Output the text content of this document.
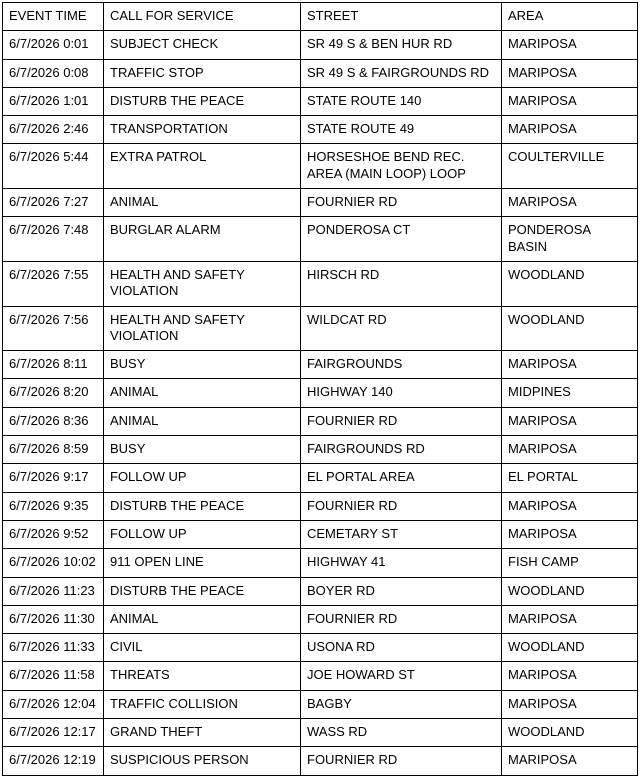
EVENT TIME	CALL FOR SERVICE	STREET	AREA
6/7/2026 0:01	SUBJECT CHECK	SR 49 S & BEN HUR RD	MARIPOSA
6/7/2026 0:08	TRAFFIC STOP	SR 49 S & FAIRGROUNDS RD	MARIPOSA
6/7/2026 1:01	DISTURB THE PEACE	STATE ROUTE 140	MARIPOSA
6/7/2026 2:46	TRANSPORTATION	STATE ROUTE 49	MARIPOSA
6/7/2026 5:44	EXTRA PATROL	HORSESHOE BEND REC. AREA (MAIN LOOP) LOOP	COULTERVILLE
6/7/2026 7:27	ANIMAL	FOURNIER RD	MARIPOSA
6/7/2026 7:48	BURGLAR ALARM	PONDEROSA CT	PONDEROSA BASIN
6/7/2026 7:55	HEALTH AND SAFETY VIOLATION	HIRSCH RD	WOODLAND
6/7/2026 7:56	HEALTH AND SAFETY VIOLATION	WILDCAT RD	WOODLAND
6/7/2026 8:11	BUSY	FAIRGROUNDS	MARIPOSA
6/7/2026 8:20	ANIMAL	HIGHWAY 140	MIDPINES
6/7/2026 8:36	ANIMAL	FOURNIER RD	MARIPOSA
6/7/2026 8:59	BUSY	FAIRGROUNDS RD	MARIPOSA
6/7/2026 9:17	FOLLOW UP	EL PORTAL AREA	EL PORTAL
6/7/2026 9:35	DISTURB THE PEACE	FOURNIER RD	MARIPOSA
6/7/2026 9:52	FOLLOW UP	CEMETARY ST	MARIPOSA
6/7/2026 10:02	911 OPEN LINE	HIGHWAY 41	FISH CAMP
6/7/2026 11:23	DISTURB THE PEACE	BOYER RD	WOODLAND
6/7/2026 11:30	ANIMAL	FOURNIER RD	MARIPOSA
6/7/2026 11:33	CIVIL	USONA RD	WOODLAND
6/7/2026 11:58	THREATS	JOE HOWARD ST	MARIPOSA
6/7/2026 12:04	TRAFFIC COLLISION	BAGBY	MARIPOSA
6/7/2026 12:17	GRAND THEFT	WASS RD	WOODLAND
6/7/2026 12:19	SUSPICIOUS PERSON	FOURNIER RD	MARIPOSA
